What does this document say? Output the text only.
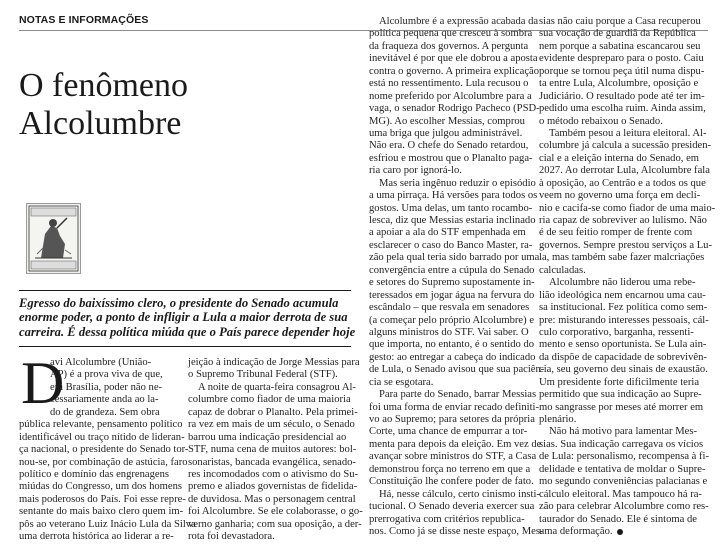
NOTAS E INFORMAÇÕES
O fenômeno
Alcolumbre
Egresso do baixíssimo clero, o presidente do Senado acumula
enorme poder, a ponto de infligir a Lula a maior derrota de sua
carreira. É dessa política miúda que o País parece depender hoje
D
avi Alcolumbre (União-
AP) é a prova viva de que,
em Brasília, poder não ne-
cessariamente anda ao la-
do de grandeza. Sem obra
pública relevante, pensamento político
identificável ou traço nítido de lideran-
ça nacional, o presidente do Senado tor-
nou-se, por combinação de astúcia, faro
político e domínio das engrenagens
miúdas do Congresso, um dos homens
mais poderosos do País. Foi esse repre-
sentante do mais baixo clero quem im-
pôs ao veterano Luiz Inácio Lula da Silva
uma derrota histórica ao liderar a re-
jeição à indicação de Jorge Messias para
o Supremo Tribunal Federal (STF).
A noite de quarta-feira consagrou Al-
columbre como fiador de uma maioria
capaz de dobrar o Planalto. Pela primei-
ra vez em mais de um século, o Senado
barrou uma indicação presidencial ao
STF, numa cena de muitos autores: bol-
sonaristas, bancada evangélica, senado-
res incomodados com o ativismo do Su-
premo e aliados governistas de fidelida-
de duvidosa. Mas o personagem central
foi Alcolumbre. Se ele colaborasse, o go-
verno ganharia; com sua oposição, a der-
rota foi devastadora.
Alcolumbre é a expressão acabada da
política pequena que cresceu à sombra
da fraqueza dos governos. A pergunta
inevitável é por que ele dobrou a aposta
contra o governo. A primeira explicação
está no ressentimento. Lula recusou o
nome preferido por Alcolumbre para a
vaga, o senador Rodrigo Pacheco (PSD-
MG). Ao escolher Messias, comprou
uma briga que julgou administrável.
Não era. O chefe do Senado retardou,
esfriou e mostrou que o Planalto paga-
ria caro por ignorá-lo.
Mas seria ingênuo reduzir o episódio
a uma pirraça. Há versões para todos os
gostos. Uma delas, um tanto rocambo-
lesca, diz que Messias estaria inclinado
a apoiar a ala do STF empenhada em
esclarecer o caso do Banco Master, ra-
zão pela qual teria sido barrado por uma
convergência entre a cúpula do Senado
e setores do Supremo supostamente in-
teressados em jogar água na fervura do
escândalo – que resvala em senadores
(a começar pelo próprio Alcolumbre) e
alguns ministros do STF. Vai saber. O
que importa, no entanto, é o sentido do
gesto: ao entregar a cabeça do indicado
de Lula, o Senado avisou que sua paciên-
cia se esgotara.
Para parte do Senado, barrar Messias
foi uma forma de enviar recado definiti-
vo ao Supremo; para setores da própria
Corte, uma chance de empurrar a tor-
menta para depois da eleição. Em vez de
avançar sobre ministros do STF, a Casa
demonstrou força no terreno em que a
Constituição lhe confere poder de fato.
Há, nesse cálculo, certo cinismo insti-
tucional. O Senado deveria exercer sua
prerrogativa com critérios republica-
nos. Como já se disse neste espaço, Mes-
sias não caiu porque a Casa recuperou
sua vocação de guardiã da República
nem porque a sabatina escancarou seu
evidente despreparo para o posto. Caiu
porque se tornou peça útil numa dispu-
ta entre Lula, Alcolumbre, oposição e
Judiciário. O resultado pode até ter im-
pedido uma escolha ruim. Ainda assim,
o método rebaixou o Senado.
Também pesou a leitura eleitoral. Al-
columbre já calcula a sucessão presiden-
cial e a eleição interna do Senado, em
2027. Ao derrotar Lula, Alcolumbre fala
à oposição, ao Centrão e a todos os que
veem no governo uma força em declí-
nio e cacifa-se como fiador de uma maio-
ria capaz de sobreviver ao lulismo. Não
é de seu feitio romper de frente com
governos. Sempre prestou serviços a Lu-
la, mas também sabe fazer malcriações
calculadas.
Alcolumbre não liderou uma rebe-
lião ideológica nem encarnou uma cau-
sa institucional. Fez política como sem-
pre: misturando interesses pessoais, cál-
culo corporativo, barganha, ressenti-
mento e senso oportunista. Se Lula ain-
da dispõe de capacidade de sobrevivên-
cia, seu governo deu sinais de exaustão.
Um presidente forte dificilmente teria
permitido que sua indicação ao Supre-
mo sangrasse por meses até morrer em
plenário.
Não há motivo para lamentar Mes-
sias. Sua indicação carregava os vícios
de Lula: personalismo, recompensa à fi-
delidade e tentativa de moldar o Supre-
mo segundo conveniências palacianas e
cálculo eleitoral. Mas tampouco há ra-
zão para celebrar Alcolumbre como res-
taurador do Senado. Ele é sintoma de
uma deformação.
